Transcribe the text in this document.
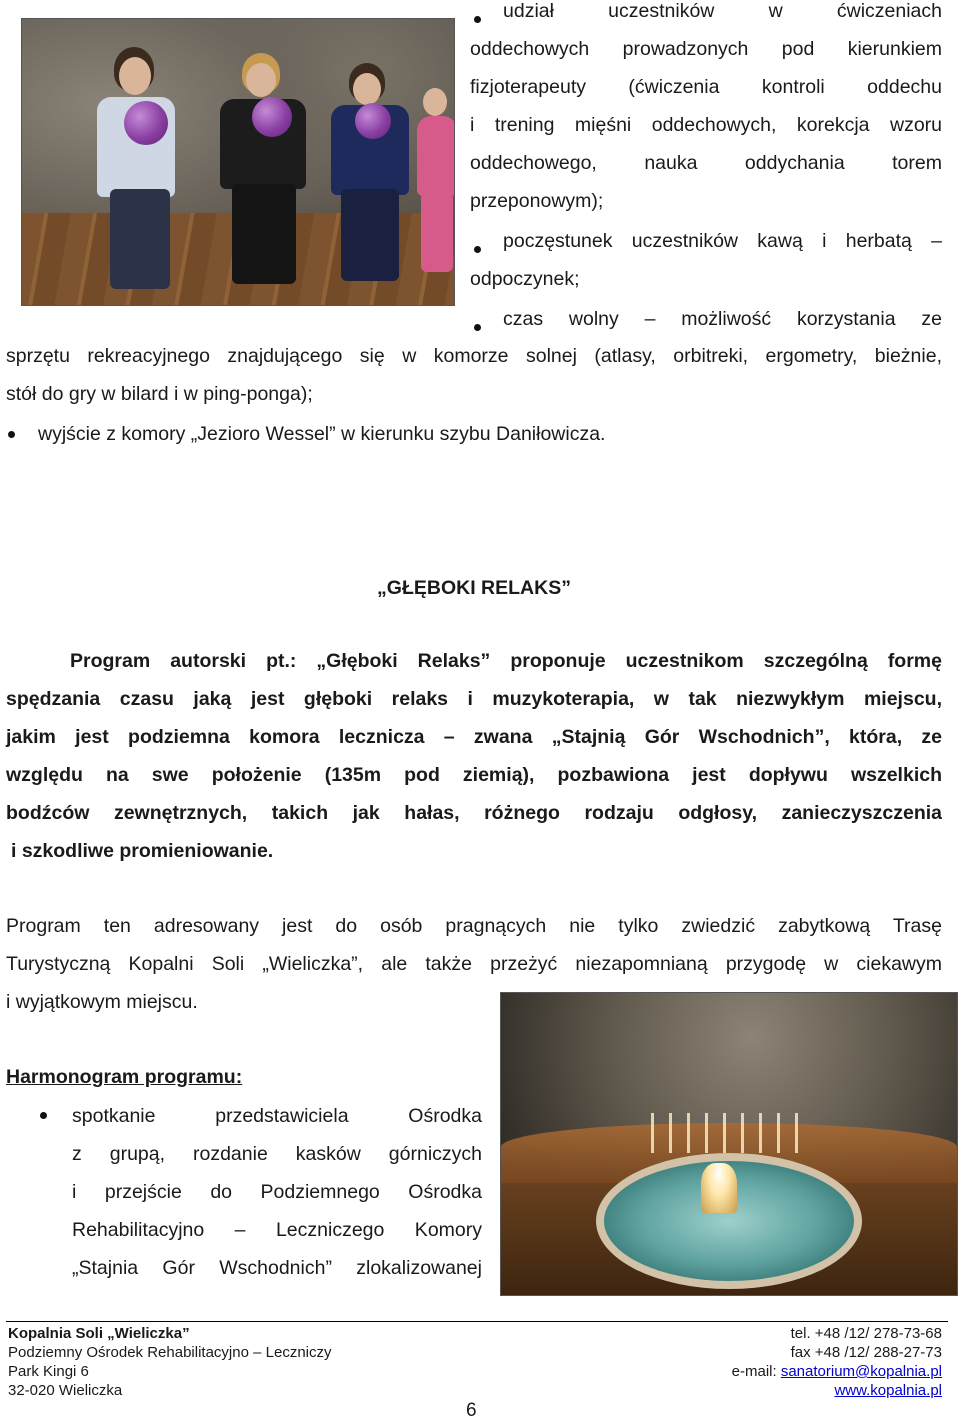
udział uczestników w ćwiczeniach
oddechowych prowadzonych pod kierunkiem
fizjoterapeuty (ćwiczenia kontroli oddechu
i trening mięśni oddechowych, korekcja wzoru
oddechowego, nauka oddychania torem
przeponowym);
poczęstunek uczestników kawą i herbatą –
odpoczynek;
czas wolny – możliwość korzystania ze
sprzętu rekreacyjnego znajdującego się w komorze solnej (atlasy, orbitreki, ergometry, bieżnie,
stół do gry w bilard i w ping-ponga);
wyjście z komory „Jezioro Wessel” w kierunku szybu Daniłowicza.
„GŁĘBOKI RELAKS”
Program autorski pt.: „Głęboki Relaks” proponuje uczestnikom szczególną formę
spędzania czasu jaką jest głęboki relaks i muzykoterapia, w tak niezwykłym miejscu,
jakim jest podziemna komora lecznicza – zwana „Stajnią Gór Wschodnich”, która, ze
względu na swe położenie (135m pod ziemią), pozbawiona jest dopływu wszelkich
bodźców zewnętrznych, takich jak hałas, różnego rodzaju odgłosy, zanieczyszczenia
i szkodliwe promieniowanie.
Program ten adresowany jest do osób pragnących nie tylko zwiedzić zabytkową Trasę
Turystyczną Kopalni Soli „Wieliczka”, ale także przeżyć niezapomnianą przygodę w ciekawym
i wyjątkowym miejscu.
Harmonogram programu:
spotkanie przedstawiciela Ośrodka
z grupą, rozdanie kasków górniczych
i przejście do Podziemnego Ośrodka
Rehabilitacyjno – Leczniczego Komory
„Stajnia Gór Wschodnich” zlokalizowanej
Kopalnia Soli „Wieliczka”
Podziemny Ośrodek Rehabilitacyjno – Leczniczy
Park Kingi 6
32-020 Wieliczka
tel. +48 /12/ 278-73-68
fax +48 /12/ 288-27-73
e-mail: sanatorium@kopalnia.pl
www.kopalnia.pl
6
